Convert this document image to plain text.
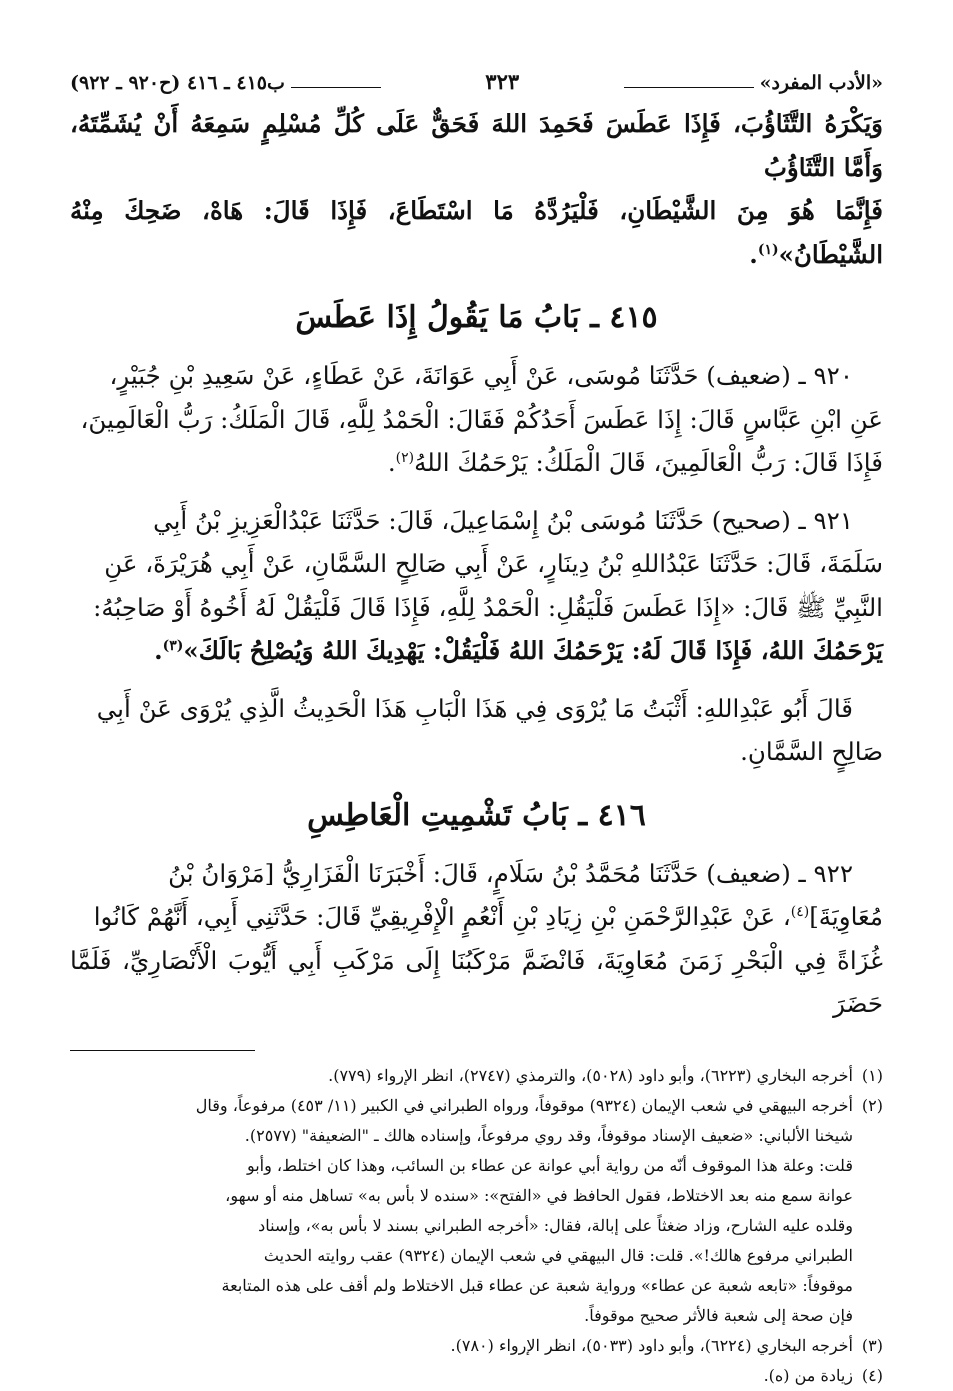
«الأدب المفرد»
٣٢٣
ب٤١٥ ـ ٤١٦ (ح٩٢٠ ـ ٩٢٢)

وَيَكْرَهُ التَّثَاؤُبَ، فَإِذَا عَطَسَ فَحَمِدَ اللهَ فَحَقٌّ عَلَى كُلِّ مُسْلِمٍ سَمِعَهُ أَنْ يُشَمِّتَهُ، وَأَمَّا التَّثَاؤُبُ

فَإِنَّمَا هُوَ مِنَ الشَّيْطَانِ، فَلْيَرُدَّهُ مَا اسْتَطَاعَ، فَإِذَا قَالَ: هَاهْ، ضَحِكَ مِنْهُ الشَّيْطَانُ»$^{(١)}$.

٤١٥ ـ بَابُ مَا يَقُولُ إِذَا عَطَسَ

٩٢٠ ـ (ضعيف) حَدَّثَنَا مُوسَى، عَنْ أَبِي عَوَانَةَ، عَنْ عَطَاءٍ، عَنْ سَعِيدِ بْنِ جُبَيْرٍ،

عَنِ ابْنِ عَبَّاسٍ قَالَ: إِذَا عَطَسَ أَحَدُكُمْ فَقَالَ: الْحَمْدُ لِلَّهِ، قَالَ الْمَلَكُ: رَبُّ الْعَالَمِينَ،

فَإِذَا قَالَ: رَبُّ الْعَالَمِينَ، قَالَ الْمَلَكُ: يَرْحَمُكَ اللهُ$^{(٢)}$.

٩٢١ ـ (صحيح) حَدَّثَنَا مُوسَى بْنُ إِسْمَاعِيلَ، قَالَ: حَدَّثَنَا عَبْدُالْعَزِيزِ بْنُ أَبِي

سَلَمَةَ، قَالَ: حَدَّثَنَا عَبْدُاللهِ بْنُ دِينَارٍ، عَنْ أَبِي صَالِحٍ السَّمَّانِ، عَنْ أَبِي هُرَيْرَةَ، عَنِ

النَّبِيِّ ﷺ قَالَ: «إِذَا عَطَسَ فَلْيَقُلِ: الْحَمْدُ لِلَّهِ، فَإِذَا قَالَ فَلْيَقُلْ لَهُ أَخُوهُ أَوْ صَاحِبُهُ:

يَرْحَمُكَ اللهُ، فَإِذَا قَالَ لَهُ: يَرْحَمُكَ اللهُ فَلْيَقُلْ: يَهْدِيكَ اللهُ وَيُصْلِحُ بَالَكَ»$^{(٣)}$.

قَالَ أَبُو عَبْدِاللهِ: أَثْبَتُ مَا يُرْوَى فِي هَذَا الْبَابِ هَذَا الْحَدِيثُ الَّذِي يُرْوَى عَنْ أَبِي

صَالِحٍ السَّمَّانِ.

٤١٦ ـ بَابُ تَشْمِيتِ الْعَاطِسِ

٩٢٢ ـ (ضعيف) حَدَّثَنَا مُحَمَّدُ بْنُ سَلَامٍ، قَالَ: أَخْبَرَنَا الْفَزَارِيُّ [مَرْوَانُ بْنُ

مُعَاوِيَةَ]$^{(٤)}$، عَنْ عَبْدِالرَّحْمَنِ بْنِ زِيَادِ بْنِ أَنْعُمٍ الْإِفْرِيقِيِّ قَالَ: حَدَّثَنِي أَبِي، أَنَّهُمْ كَانُوا

غُزَاةً فِي الْبَحْرِ زَمَنَ مُعَاوِيَةَ، فَانْضَمَّ مَرْكَبُنَا إِلَى مَرْكَبِ أَبِي أَيُّوبَ الْأَنْصَارِيِّ، فَلَمَّا حَضَرَ

(١)
أخرجه البخاري (٦٢٢٣)، وأبو داود (٥٠٢٨)، والترمذي (٢٧٤٧)، انظر الإرواء (٧٧٩).
(٢)
أخرجه البيهقي في شعب الإيمان (٩٣٢٤) موقوفاً، ورواه الطبراني في الكبير (١١/ ٤٥٣) مرفوعاً، وقال
شيخنا الألباني: «ضعيف الإسناد موقوفاً، وقد روي مرفوعاً، وإسناده هالك ـ "الضعيفة" (٢٥٧٧).
قلت: وعلة هذا الموقوف أنّه من رواية أبي عوانة عن عطاء بن السائب، وهذا كان اختلط، وأبو
عوانة سمع منه بعد الاختلاط، فقول الحافظ في «الفتح»: «سنده لا بأس به» تساهل منه أو سهو،
وقلده عليه الشارح، وزاد ضغثاً على إبالة، فقال: «أخرجه الطبراني بسند لا بأس به»، وإسناد
الطبراني مرفوع هالك!». قلت: قال البيهقي في شعب الإيمان (٩٣٢٤) عقب روايته الحديث
موقوفاً: «تابعه شعبة عن عطاء» ورواية شعبة عن عطاء قبل الاختلاط ولم أقف على هذه المتابعة
فإن صحة إلى شعبة فالأثر صحيح موقوفاً.
(٣)
أخرجه البخاري (٦٢٢٤)، وأبو داود (٥٠٣٣)، انظر الإرواء (٧٨٠).
(٤)
زيادة من (ه).
